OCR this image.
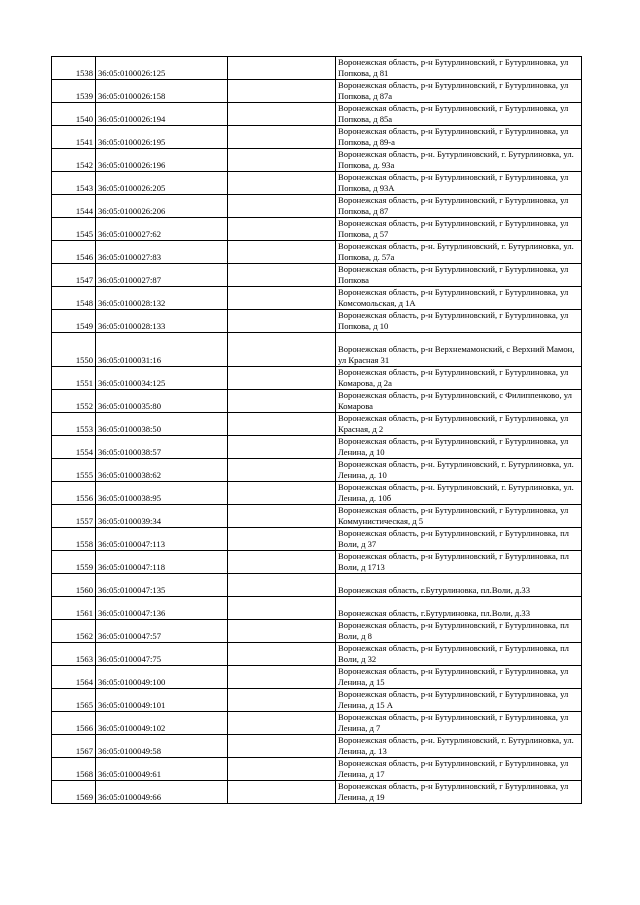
1538	36:05:0100026:125		Воронежская область, р-н Бутурлиновский, г Бутурлиновка, ул Попкова, д 81
1539	36:05:0100026:158		Воронежская область, р-н Бутурлиновский, г Бутурлиновка, ул Попкова, д 87а
1540	36:05:0100026:194		Воронежская область, р-н Бутурлиновский, г Бутурлиновка, ул Попкова, д 85а
1541	36:05:0100026:195		Воронежская область, р-н Бутурлиновский, г Бутурлиновка, ул Попкова, д 89-а
1542	36:05:0100026:196		Воронежская область, р-н. Бутурлиновский, г. Бутурлиновка, ул. Попкова, д. 93а
1543	36:05:0100026:205		Воронежская область, р-н Бутурлиновский, г Бутурлиновка, ул Попкова, д 93А
1544	36:05:0100026:206		Воронежская область, р-н Бутурлиновский, г Бутурлиновка, ул Попкова, д 87
1545	36:05:0100027:62		Воронежская область, р-н Бутурлиновский, г Бутурлиновка, ул Попкова, д 57
1546	36:05:0100027:83		Воронежская область, р-н. Бутурлиновский, г. Бутурлиновка, ул. Попкова, д. 57а
1547	36:05:0100027:87		Воронежская область, р-н Бутурлиновский, г Бутурлиновка, ул Попкова
1548	36:05:0100028:132		Воронежская область, р-н Бутурлиновский, г Бутурлиновка, ул Комсомольская, д 1А
1549	36:05:0100028:133		Воронежская область, р-н Бутурлиновский, г Бутурлиновка, ул Попкова, д 10
1550	36:05:0100031:16		Воронежская область, р-н Верхнемамонский, с Верхний Мамон, ул Красная 31
1551	36:05:0100034:125		Воронежская область, р-н Бутурлиновский, г Бутурлиновка, ул Комарова, д 2а
1552	36:05:0100035:80		Воронежская область, р-н Бутурлиновский, с Филиппенково, ул Комарова
1553	36:05:0100038:50		Воронежская область, р-н Бутурлиновский, г Бутурлиновка, ул Красная, д 2
1554	36:05:0100038:57		Воронежская область, р-н Бутурлиновский, г Бутурлиновка, ул Ленина, д 10
1555	36:05:0100038:62		Воронежская область, р-н. Бутурлиновский, г. Бутурлиновка, ул. Ленина, д. 10
1556	36:05:0100038:95		Воронежская область, р-н. Бутурлиновский, г. Бутурлиновка, ул. Ленина, д. 10б
1557	36:05:0100039:34		Воронежская область, р-н Бутурлиновский, г Бутурлиновка, ул Коммунистическая, д 5
1558	36:05:0100047:113		Воронежская область, р-н Бутурлиновский, г Бутурлиновка, пл Воли, д 37
1559	36:05:0100047:118		Воронежская область, р-н Бутурлиновский, г Бутурлиновка, пл Воли, д 1713
1560	36:05:0100047:135		Воронежская область, г.Бутурлиновка, пл.Воли, д.33
1561	36:05:0100047:136		Воронежская область, г.Бутурлиновка, пл.Воли, д.33
1562	36:05:0100047:57		Воронежская область, р-н Бутурлиновский, г Бутурлиновка, пл Воли, д 8
1563	36:05:0100047:75		Воронежская область, р-н Бутурлиновский, г Бутурлиновка, пл Воли, д 32
1564	36:05:0100049:100		Воронежская область, р-н Бутурлиновский, г Бутурлиновка, ул Ленина, д 15
1565	36:05:0100049:101		Воронежская область, р-н Бутурлиновский, г Бутурлиновка, ул Ленина, д 15 А
1566	36:05:0100049:102		Воронежская область, р-н Бутурлиновский, г Бутурлиновка, ул Ленина, д 7
1567	36:05:0100049:58		Воронежская область, р-н. Бутурлиновский, г. Бутурлиновка, ул. Ленина, д. 13
1568	36:05:0100049:61		Воронежская область, р-н Бутурлиновский, г Бутурлиновка, ул Ленина, д 17
1569	36:05:0100049:66		Воронежская область, р-н Бутурлиновский, г Бутурлиновка, ул Ленина, д 19
